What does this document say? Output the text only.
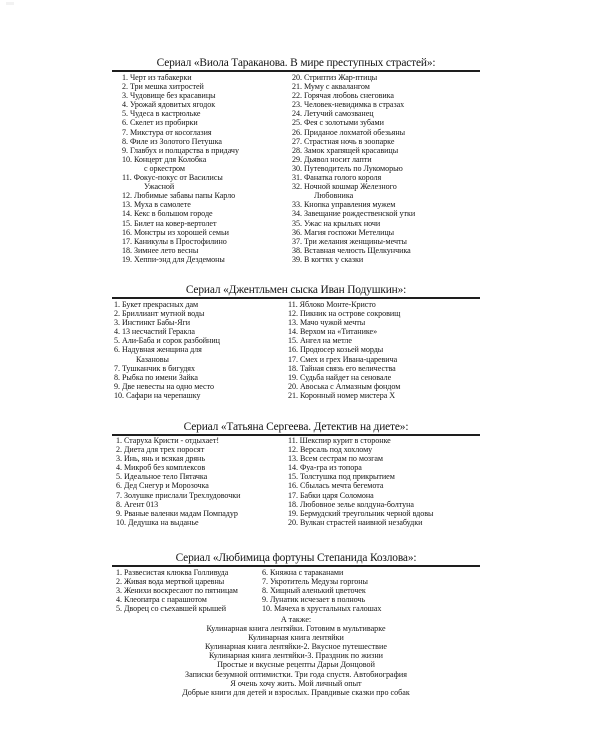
Сериал «Виола Тараканова. В мире преступных страстей»:
1. Черт из табакерки
2. Три мешка хитростей
3. Чудовище без красавицы
4. Урожай ядовитых ягодок
5. Чудеса в кастрюльке
6. Скелет из пробирки
7. Микстура от косоглазия
8. Филе из Золотого Петушка
9. Главбух и полцарства в придачу
10. Концерт для Колобка
с оркестром
11. Фокус-покус от Василисы
Ужасной
12. Любимые забавы папы Карло
13. Муха в самолете
14. Кекс в большом городе
15. Билет на ковер-вертолет
16. Монстры из хорошей семьи
17. Каникулы в Простофилино
18. Зимнее лето весны
19. Хеппи-энд для Дездемоны
20. Стриптиз Жар-птицы
21. Муму с аквалангом
22. Горячая любовь снеговика
23. Человек-невидимка в стразах
24. Летучий самозванец
25. Фея с золотыми зубами
26. Приданое лохматой обезьяны
27. Страстная ночь в зоопарке
28. Замок храпящей красавицы
29. Дьявол носит лапти
30. Путеводитель по Лукоморью
31. Фанатка голого короля
32. Ночной кошмар Железного
Любовника
33. Кнопка управления мужем
34. Завещание рождественской утки
35. Ужас на крыльях ночи
36. Магия госпожи Метелицы
37. Три желания женщины-мечты
38. Вставная челюсть Щелкунчика
39. В когтях у сказки
Сериал «Джентльмен сыска Иван Подушкин»:
1. Букет прекрасных дам
2. Бриллиант мутной воды
3. Инстинкт Бабы-Яги
4. 13 несчастий Геракла
5. Али-Баба и сорок разбойниц
6. Надувная женщина для
Казановы
7. Тушканчик в бигудях
8. Рыбка по имени Зайка
9. Две невесты на одно место
10. Сафари на черепашку
11. Яблоко Монте-Кристо
12. Пикник на острове сокровищ
13. Мачо чужой мечты
14. Верхом на «Титанике»
15. Ангел на метле
16. Продюсер козьей морды
17. Смех и грех Ивана-царевича
18. Тайная связь его величества
19. Судьба найдет на сеновале
20. Авоська с Алмазным фондом
21. Коронный номер мистера Х
Сериал «Татьяна Сергеева. Детектив на диете»:
1. Старуха Кристи - отдыхает!
2. Диета для трех поросят
3. Инь, янь и всякая дрянь
4. Микроб без комплексов
5. Идеальное тело Пятачка
6. Дед Снегур и Морозочка
7. Золушке прислали Трехлудовочки
8. Агент 013
9. Рваные валенки мадам Помпадур
10. Дедушка на выданье
11. Шекспир курит в сторонке
12. Версаль под хохлому
13. Всем сестрам по мозгам
14. Фуа-гра из топора
15. Толстушка под прикрытием
16. Сбылась мечта бегемота
17. Бабки царя Соломона
18. Любовное зелье колдуна-болтуна
19. Бермудский треугольник черной вдовы
20. Вулкан страстей наивной незабудки
Сериал «Любимица фортуны Степанида Козлова»:
1. Развесистая клюква Голливуда
2. Живая вода мертвой царевны
3. Женихи воскресают по пятницам
4. Клеопатра с парашютом
5. Дворец со съехавшей крышей
6. Княжна с тараканами
7. Укротитель Медузы горгоны
8. Хищный аленький цветочек
9. Лунатик исчезает в полночь
10. Мачеха в хрустальных галошах
А также:
Кулинарная книга лентяйки. Готовим в мультиварке
Кулинарная книга лентяйки
Кулинарная книга лентяйки-2. Вкусное путешествие
Кулинарная книга лентяйки-3. Праздник по жизни
Простые и вкусные рецепты Дарьи Донцовой
Записки безумной оптимистки. Три года спустя. Автобиография
Я очень хочу жить. Мой личный опыт
Добрые книги для детей и взрослых. Правдивые сказки про собак
